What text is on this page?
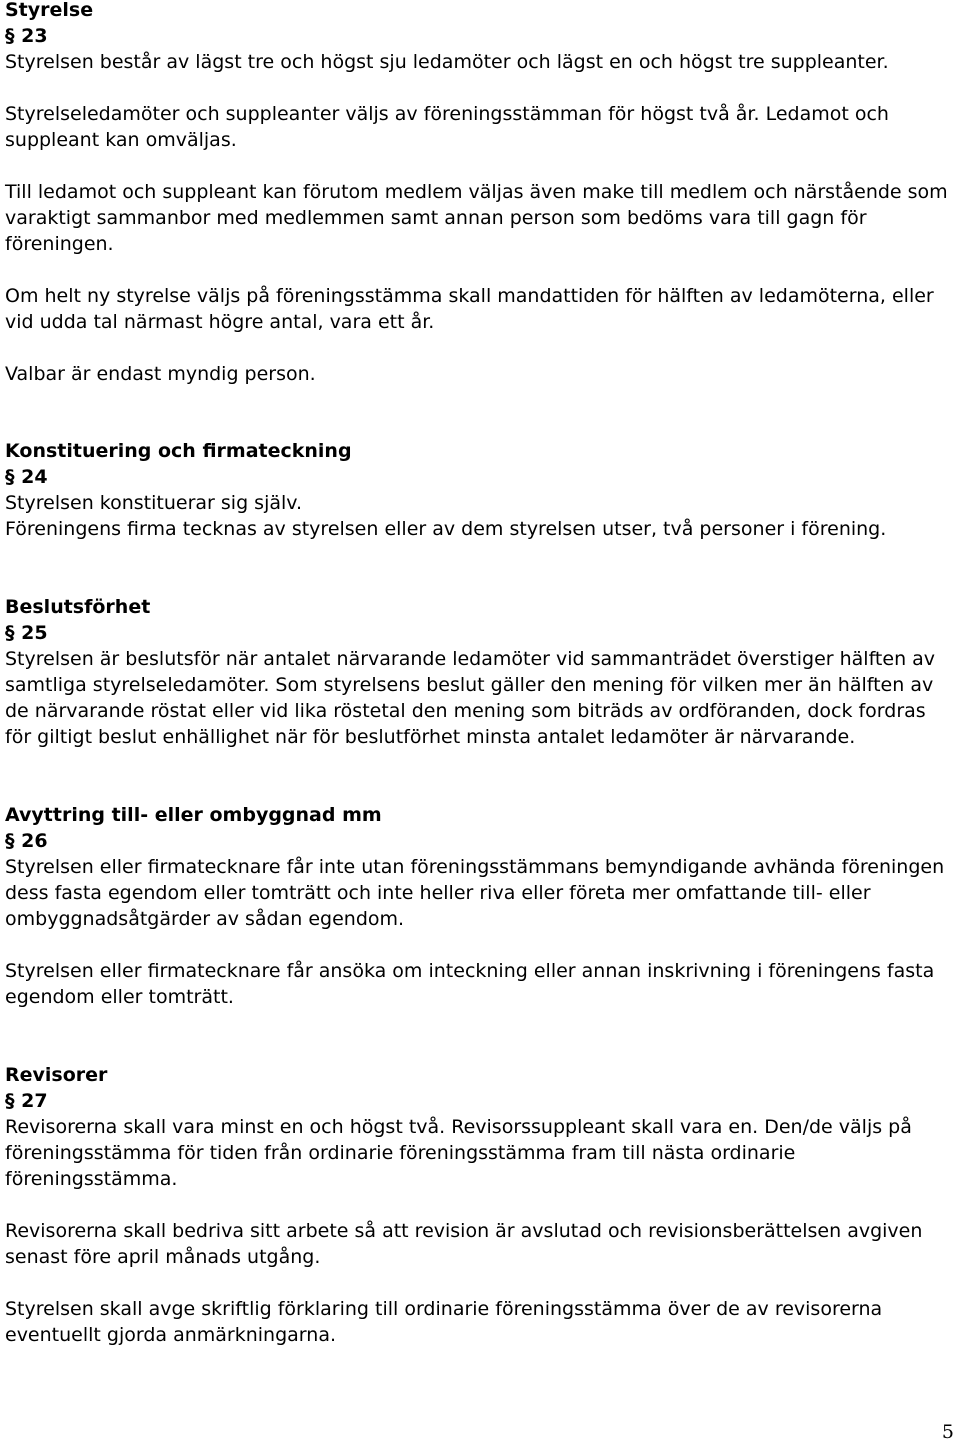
Styrelse

§ 23

Styrelsen består av lägst tre och högst sju ledamöter och lägst en och högst tre suppleanter.

Styrelseledamöter och suppleanter väljs av föreningsstämman för högst två år. Ledamot och suppleant kan omväljas.

Till ledamot och suppleant kan förutom medlem väljas även make till medlem och närstående som varaktigt sammanbor med medlemmen samt annan person som bedöms vara till gagn för föreningen.

Om helt ny styrelse väljs på föreningsstämma skall mandattiden för hälften av ledamöterna, eller vid udda tal närmast högre antal, vara ett år.

Valbar är endast myndig person.

Konstituering och firmateckning

§ 24

Styrelsen konstituerar sig själv.

Föreningens firma tecknas av styrelsen eller av dem styrelsen utser, två personer i förening.

Beslutsförhet

§ 25

Styrelsen är beslutsför när antalet närvarande ledamöter vid sammanträdet överstiger hälften av samtliga styrelseledamöter. Som styrelsens beslut gäller den mening för vilken mer än hälften av de närvarande röstat eller vid lika röstetal den mening som biträds av ordföranden, dock fordras för giltigt beslut enhällighet när för beslutförhet minsta antalet ledamöter är närvarande.

Avyttring till- eller ombyggnad mm

§ 26

Styrelsen eller firmatecknare får inte utan föreningsstämmans bemyndigande avhända föreningen dess fasta egendom eller tomträtt och inte heller riva eller företa mer omfattande till- eller ombyggnadsåtgärder av sådan egendom.

Styrelsen eller firmatecknare får ansöka om inteckning eller annan inskrivning i föreningens fasta egendom eller tomträtt.

Revisorer

§ 27

Revisorerna skall vara minst en och högst två. Revisorssuppleant skall vara en. Den/de väljs på föreningsstämma för tiden från ordinarie föreningsstämma fram till nästa ordinarie föreningsstämma.

Revisorerna skall bedriva sitt arbete så att revision är avslutad och revisionsberättelsen avgiven senast före april månads utgång.

Styrelsen skall avge skriftlig förklaring till ordinarie föreningsstämma över de av revisorerna eventuellt gjorda anmärkningarna.

5
